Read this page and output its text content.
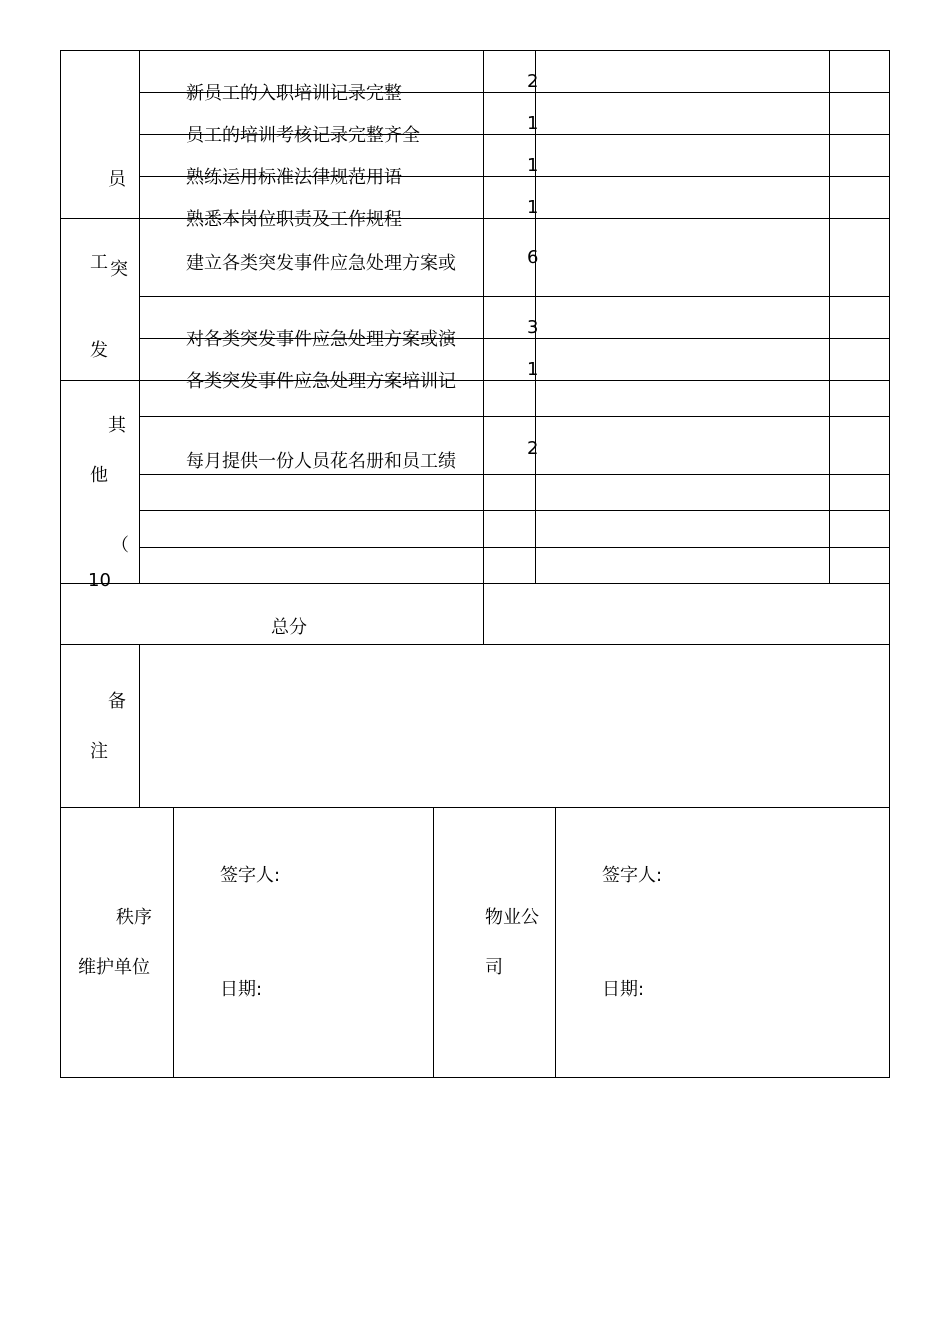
员
新员工的入职培训记录完整
2
员工的培训考核记录完整齐全
1
熟练运用标准法律规范用语
1
熟悉本岗位职责及工作规程
1
工 突
发
建立各类突发事件应急处理方案或	6
对各类突发事件应急处理方案或演
3
各类突发事件应急处理方案培训记
1
其
他
（
10
每月提供一份人员花名册和员工绩
2
总分
备
注
秩序
维护单位
签字人:
日期:
物业公
司
签字人:
日期:
